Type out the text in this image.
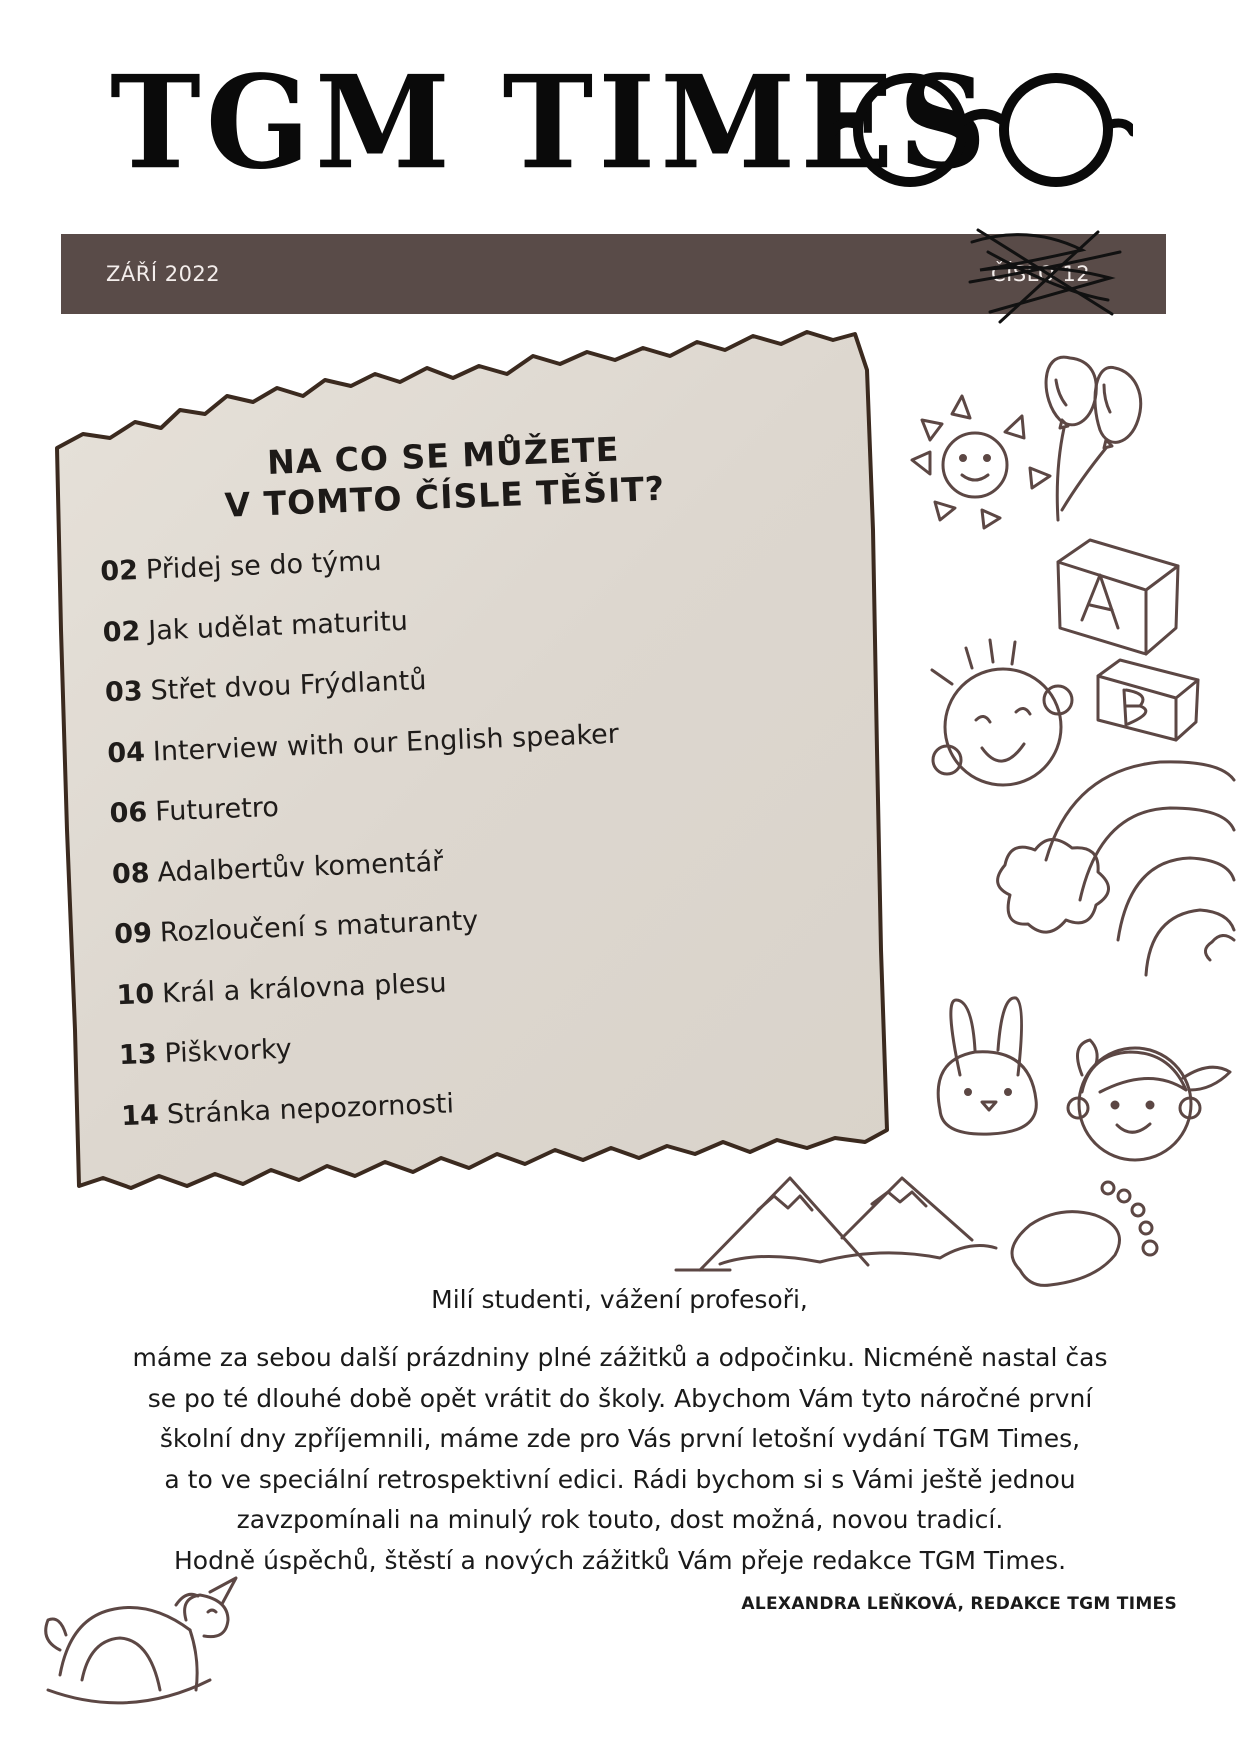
TGM TIMES
ZÁŘÍ 2022	ČÍSLO 12
NA CO SE MŮŽETE
V TOMTO ČÍSLE TĚŠIT?
02 Přidej se do týmu
02 Jak udělat maturitu
03 Střet dvou Frýdlantů
04 Interview with our English speaker
06 Futuretro
08 Adalbertův komentář
09 Rozloučení s maturanty
10 Král a královna plesu
13 Piškvorky
14 Stránka nepozornosti
Milí studenti, vážení profesoři,
máme za sebou další prázdniny plné zážitků a odpočinku. Nicméně nastal čas
se po té dlouhé době opět vrátit do školy. Abychom Vám tyto náročné první
školní dny zpříjemnili, máme zde pro Vás první letošní vydání TGM Times,
a to ve speciální retrospektivní edici. Rádi bychom si s Vámi ještě jednou
zavzpomínali na minulý rok touto, dost možná, novou tradicí.
Hodně úspěchů, štěstí a nových zážitků Vám přeje redakce TGM Times.
ALEXANDRA LEŇKOVÁ, REDAKCE TGM TIMES
